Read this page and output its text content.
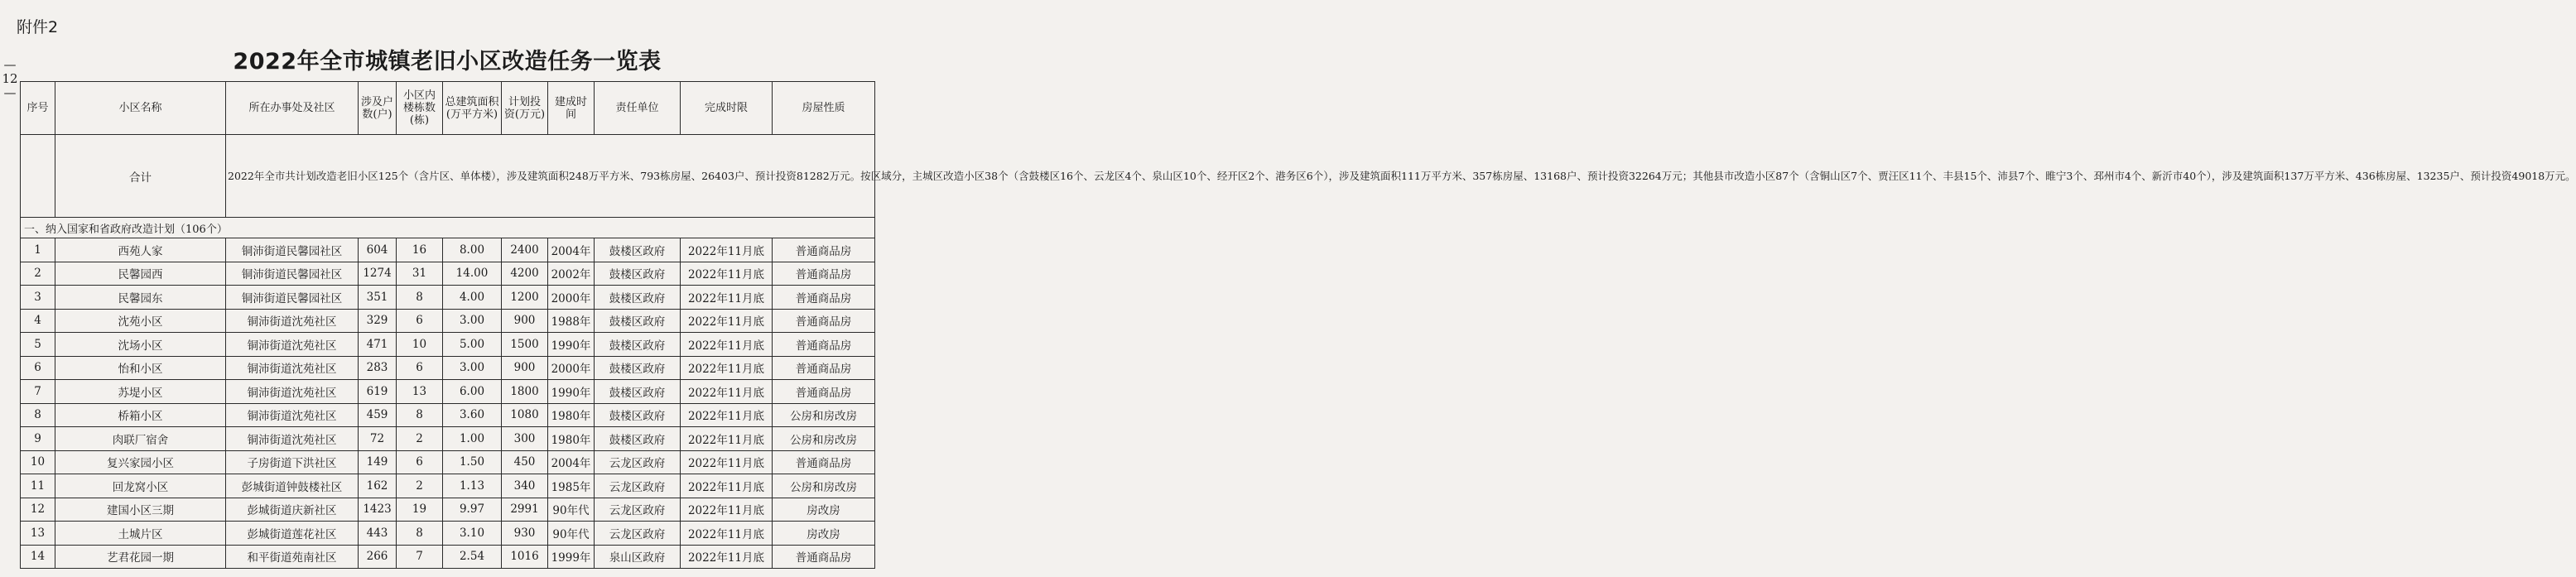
附件2
—
12
—
2022年全市城镇老旧小区改造任务一览表
序号	小区名称	所在办事处及社区	涉及户数(户)	小区内楼栋数(栋)	总建筑面积(万平方米)	计划投资(万元)	建成时间	责任单位	完成时限	房屋性质
	合计	2022年全市共计划改造老旧小区125个（含片区、单体楼），涉及建筑面积248万平方米、793栋房屋、26403户、预计投资81282万元。按区域分，主城区改造小区38个（含鼓楼区16个、云龙区4个、泉山区10个、经开区2个、港务区6个），涉及建筑面积111万平方米、357栋房屋、13168户、预计投资32264万元；其他县市改造小区87个（含铜山区7个、贾汪区11个、丰县15个、沛县7个、睢宁3个、邳州市4个、新沂市40个），涉及建筑面积137万平方米、436栋房屋、13235户、预计投资49018万元。								
一、纳入国家和省政府改造计划（106个）										
1	西苑人家	铜沛街道民馨园社区	604	16	8.00	2400	2004年	鼓楼区政府	2022年11月底	普通商品房
2	民馨园西	铜沛街道民馨园社区	1274	31	14.00	4200	2002年	鼓楼区政府	2022年11月底	普通商品房
3	民馨园东	铜沛街道民馨园社区	351	8	4.00	1200	2000年	鼓楼区政府	2022年11月底	普通商品房
4	沈苑小区	铜沛街道沈苑社区	329	6	3.00	900	1988年	鼓楼区政府	2022年11月底	普通商品房
5	沈场小区	铜沛街道沈苑社区	471	10	5.00	1500	1990年	鼓楼区政府	2022年11月底	普通商品房
6	怡和小区	铜沛街道沈苑社区	283	6	3.00	900	2000年	鼓楼区政府	2022年11月底	普通商品房
7	苏堤小区	铜沛街道沈苑社区	619	13	6.00	1800	1990年	鼓楼区政府	2022年11月底	普通商品房
8	桥箱小区	铜沛街道沈苑社区	459	8	3.60	1080	1980年	鼓楼区政府	2022年11月底	公房和房改房
9	肉联厂宿舍	铜沛街道沈苑社区	72	2	1.00	300	1980年	鼓楼区政府	2022年11月底	公房和房改房
10	复兴家园小区	子房街道下洪社区	149	6	1.50	450	2004年	云龙区政府	2022年11月底	普通商品房
11	回龙窝小区	彭城街道钟鼓楼社区	162	2	1.13	340	1985年	云龙区政府	2022年11月底	公房和房改房
12	建国小区三期	彭城街道庆新社区	1423	19	9.97	2991	90年代	云龙区政府	2022年11月底	房改房
13	土城片区	彭城街道莲花社区	443	8	3.10	930	90年代	云龙区政府	2022年11月底	房改房
14	艺君花园一期	和平街道苑南社区	266	7	2.54	1016	1999年	泉山区政府	2022年11月底	普通商品房
